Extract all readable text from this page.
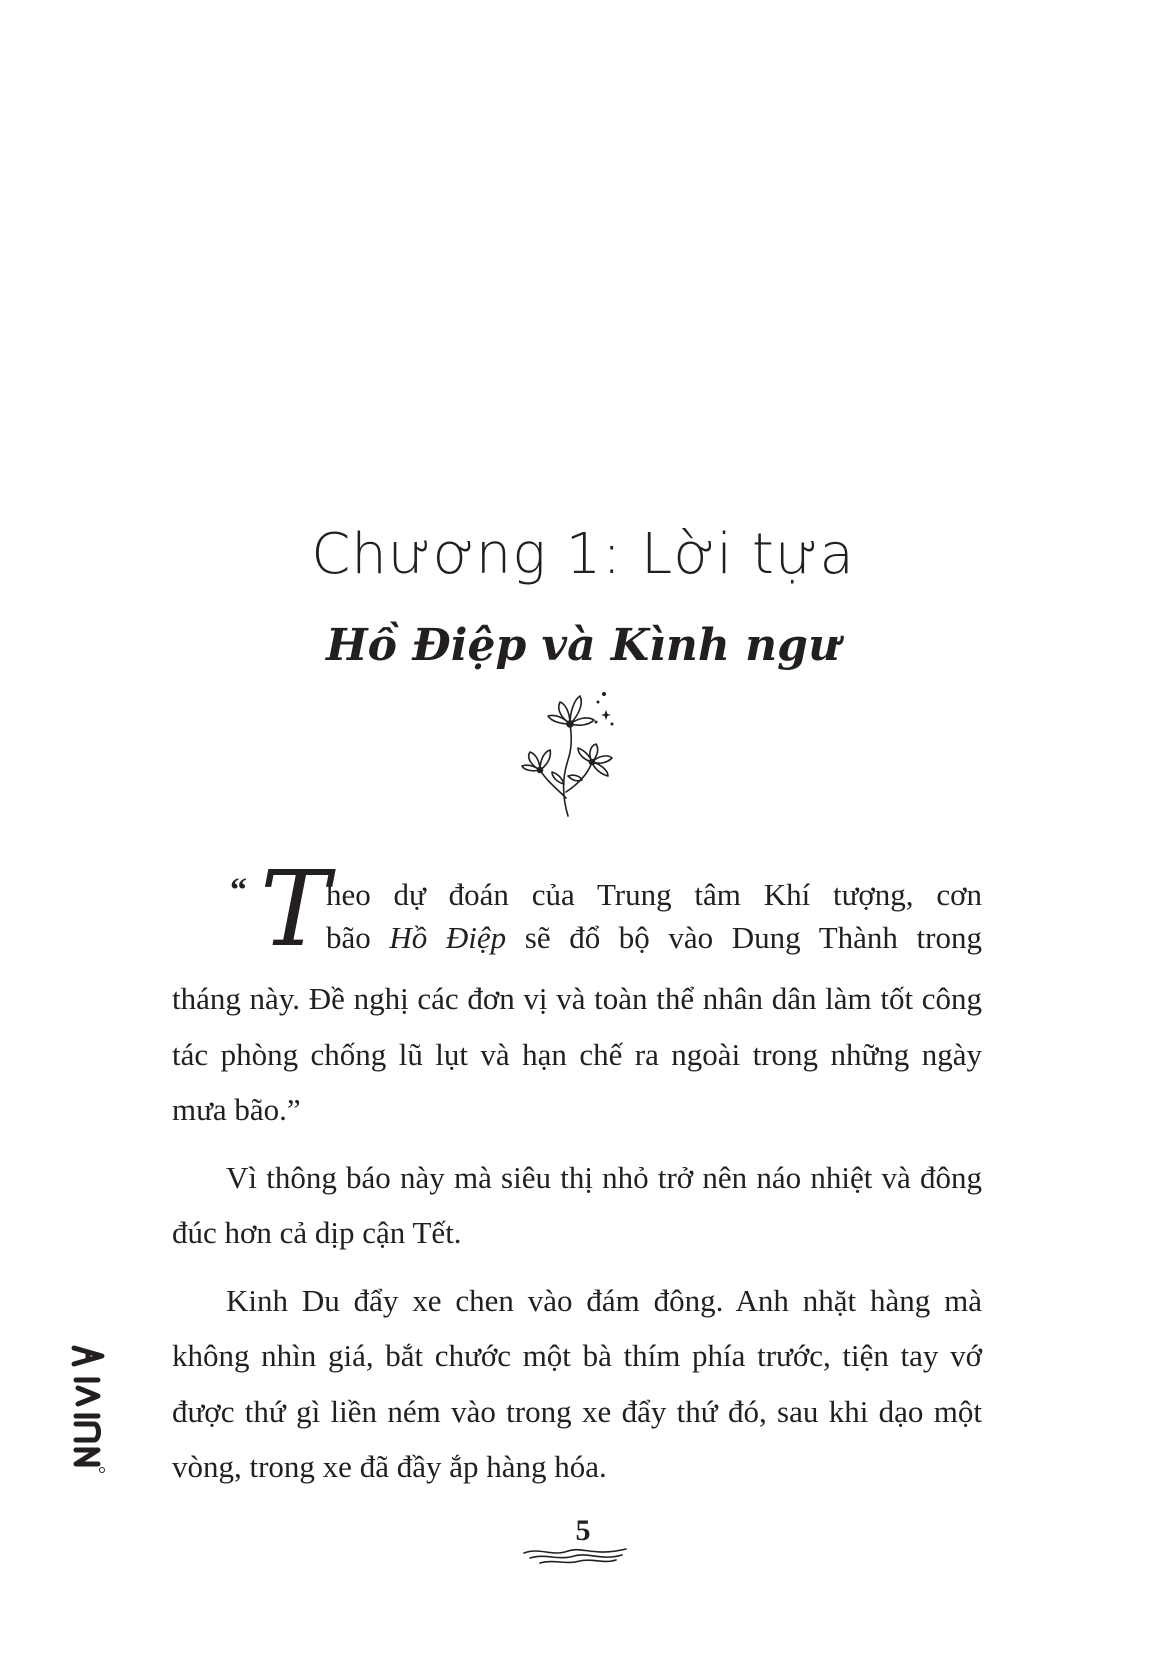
Chương 1: Lời tựa
Hồ Điệp và Kình ngư
“ T
heo dự đoán của Trung tâm Khí tượng, cơn
bão Hồ Điệp sẽ đổ bộ vào Dung Thành trong

tháng này. Đề nghị các đơn vị và toàn thể nhân dân làm tốt công tác phòng chống lũ lụt và hạn chế ra ngoài trong những ngày mưa bão.”

Vì thông báo này mà siêu thị nhỏ trở nên náo nhiệt và đông đúc hơn cả dịp cận Tết.

Kinh Du đẩy xe chen vào đám đông. Anh nhặt hàng mà không nhìn giá, bắt chước một bà thím phía trước, tiện tay vớ được thứ gì liền ném vào trong xe đẩy thứ đó, sau khi dạo một vòng, trong xe đã đầy ắp hàng hóa.

5
